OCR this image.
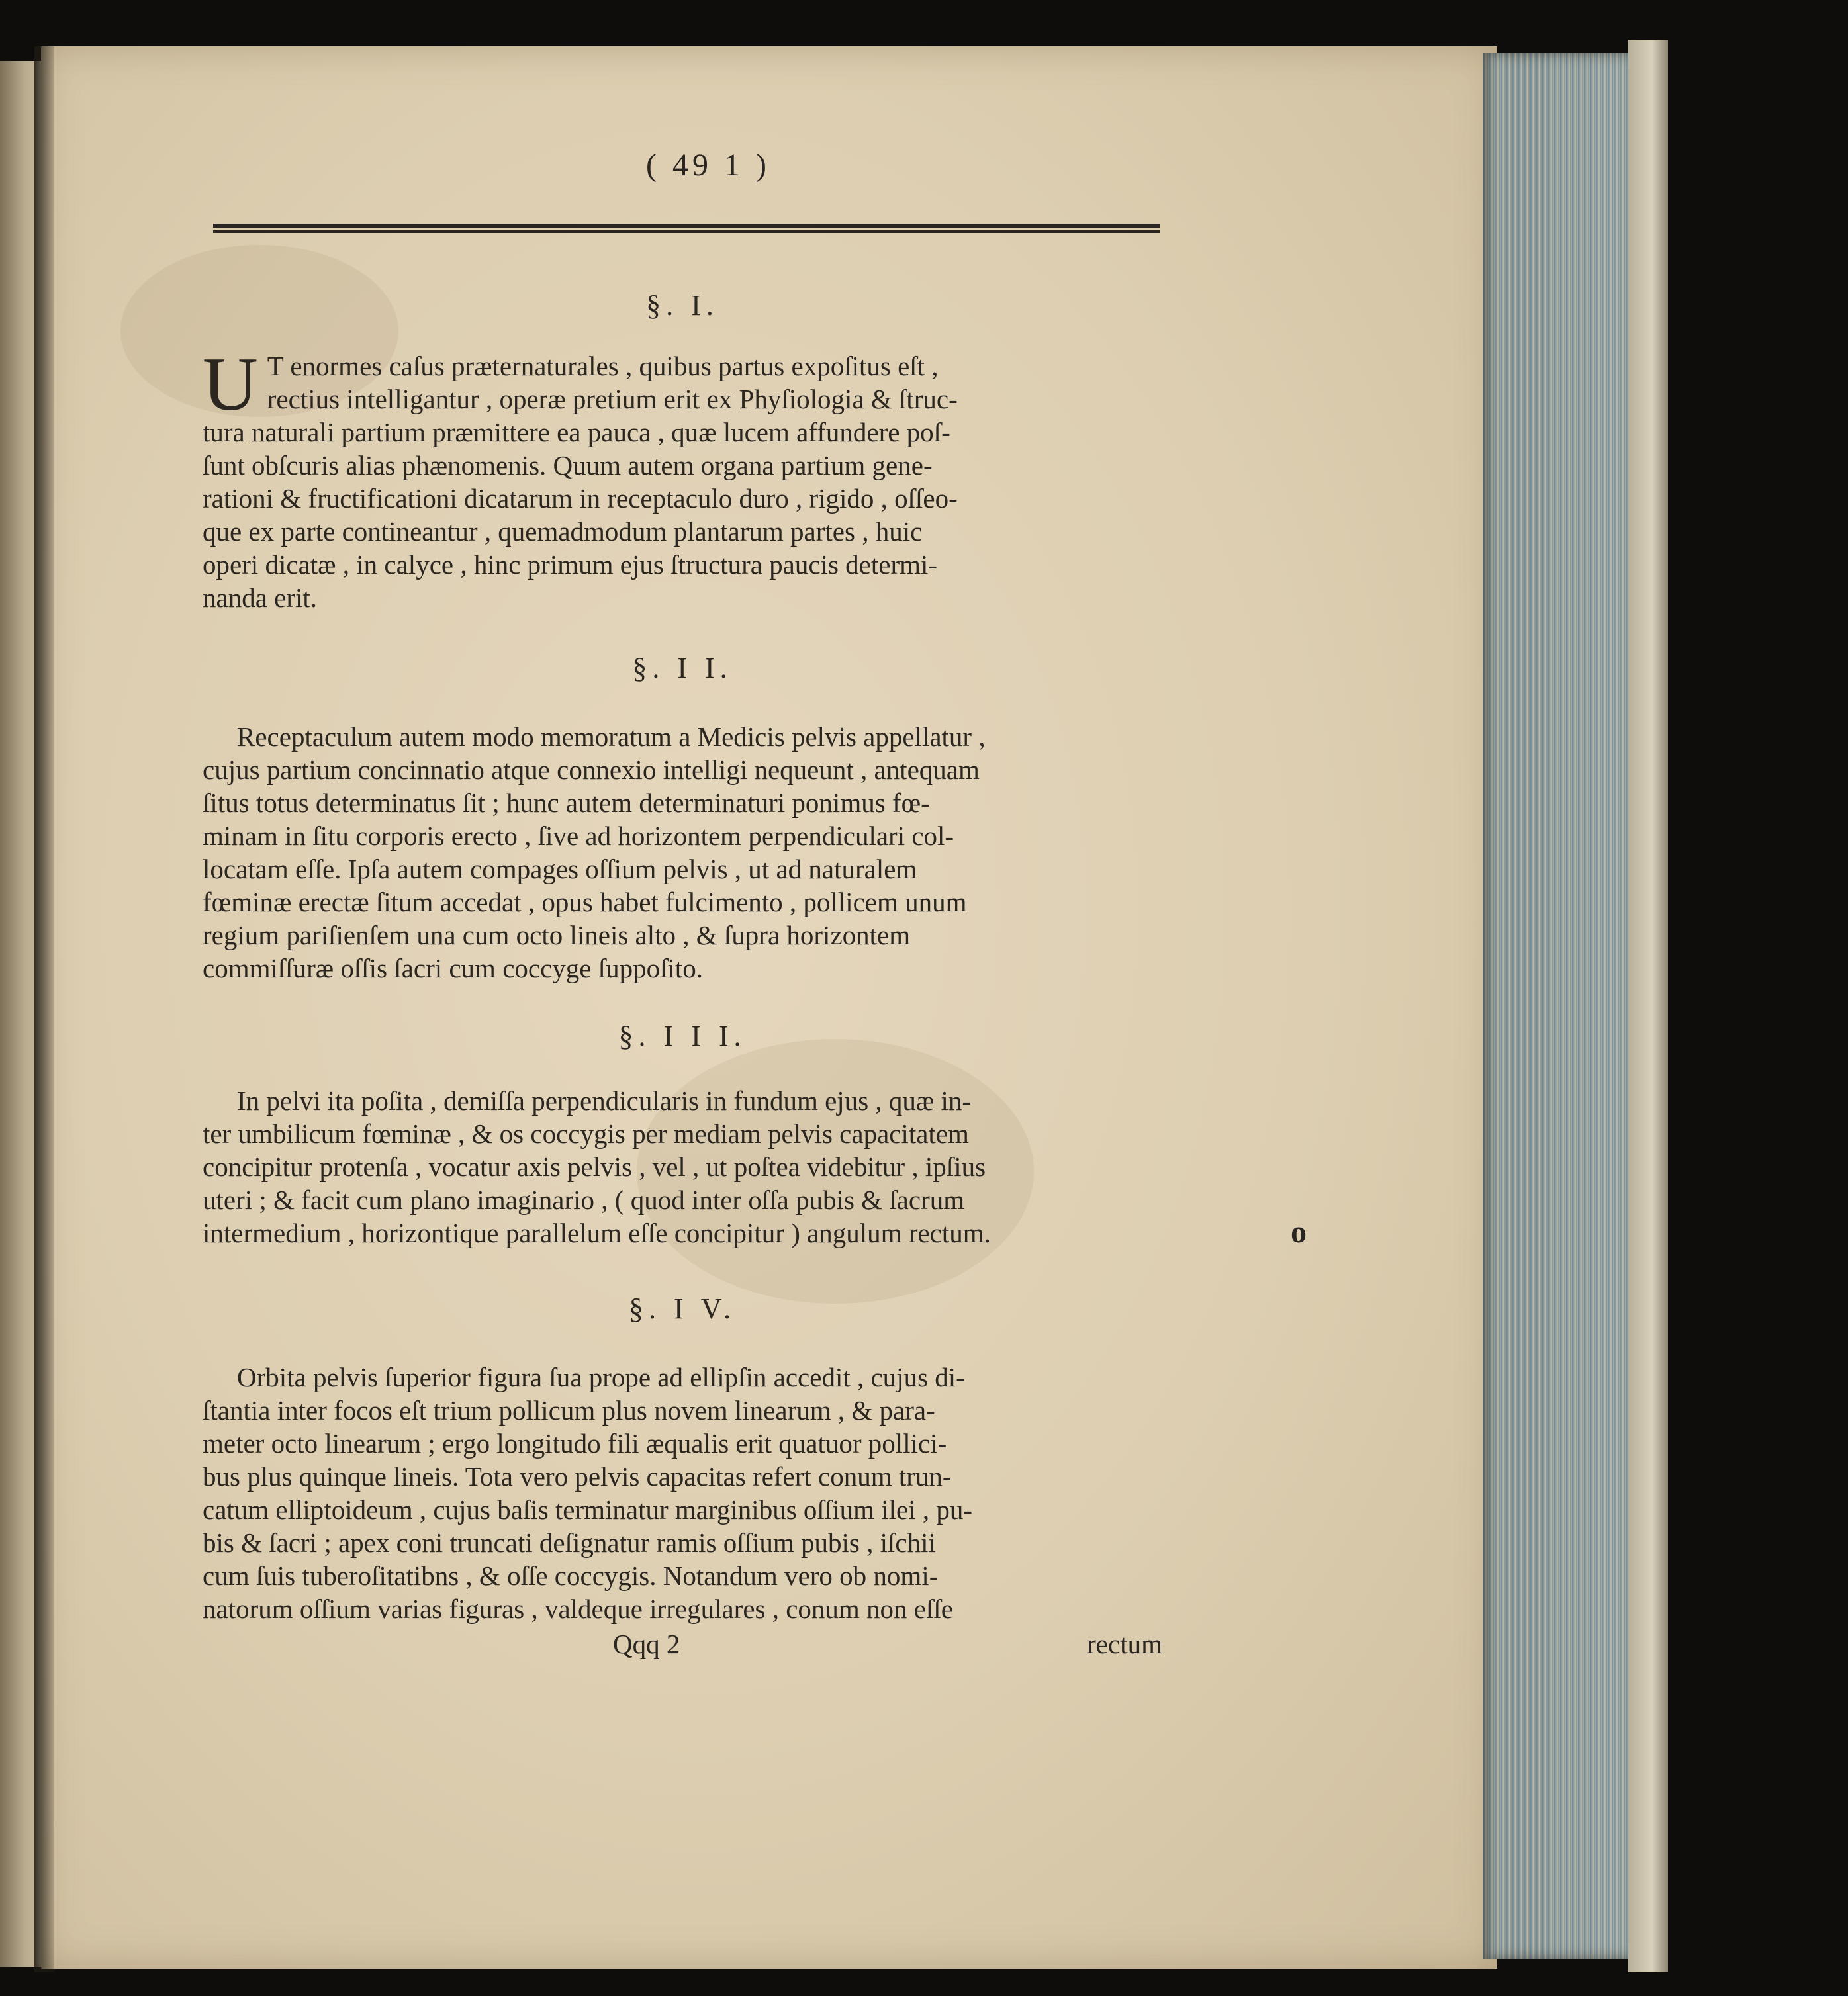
( 49 1 )
§. I.
U T enormes caſus præternaturales , quibus partus expoſitus eſt ,
rectius intelligantur , operæ pretium erit ex Phyſiologia & ſtruc-
tura naturali partium præmittere ea pauca , quæ lucem affundere poſ-
ſunt obſcuris alias phænomenis. Quum autem organa partium gene-
rationi & fructificationi dicatarum in receptaculo duro , rigido , oſſeo-
que ex parte contineantur , quemadmodum plantarum partes , huic
operi dicatæ , in calyce , hinc primum ejus ſtructura paucis determi-
nanda erit.
§. I I.
Receptaculum autem modo memoratum a Medicis pelvis appellatur ,
cujus partium concinnatio atque connexio intelligi nequeunt , antequam
ſitus totus determinatus ſit ; hunc autem determinaturi ponimus fœ-
minam in ſitu corporis erecto , ſive ad horizontem perpendiculari col-
locatam eſſe. Ipſa autem compages oſſium pelvis , ut ad naturalem
fœminæ erectæ ſitum accedat , opus habet fulcimento , pollicem unum
regium pariſienſem una cum octo lineis alto , & ſupra horizontem
commiſſuræ oſſis ſacri cum coccyge ſuppoſito.
§. I I I.
In pelvi ita poſita , demiſſa perpendicularis in fundum ejus , quæ in-
ter umbilicum fœminæ , & os coccygis per mediam pelvis capacitatem
concipitur protenſa , vocatur axis pelvis , vel , ut poſtea videbitur , ipſius
uteri ; & facit cum plano imaginario , ( quod inter oſſa pubis & ſacrum
intermedium , horizontique parallelum eſſe concipitur ) angulum rectum.
§. I V.
Orbita pelvis ſuperior figura ſua prope ad ellipſin accedit , cujus di-
ſtantia inter focos eſt trium pollicum plus novem linearum , & para-
meter octo linearum ; ergo longitudo fili æqualis erit quatuor pollici-
bus plus quinque lineis. Tota vero pelvis capacitas refert conum trun-
catum elliptoideum , cujus baſis terminatur marginibus oſſium ilei , pu-
bis & ſacri ; apex coni truncati deſignatur ramis oſſium pubis , iſchii
cum ſuis tuberoſitatibns , & oſſe coccygis. Notandum vero ob nomi-
natorum oſſium varias figuras , valdeque irregulares , conum non eſſe
Qqq 2	rectum
o
